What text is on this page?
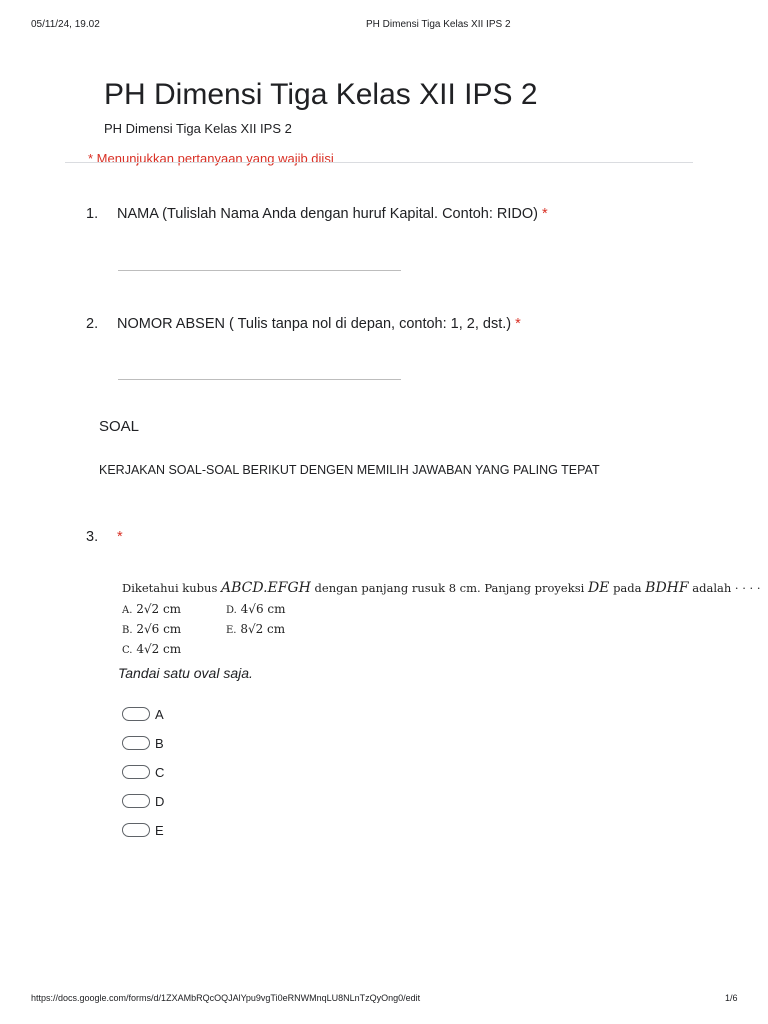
05/11/24, 19.02	PH Dimensi Tiga Kelas XII IPS 2
PH Dimensi Tiga Kelas XII IPS 2
PH Dimensi Tiga Kelas XII IPS 2
* Menunjukkan pertanyaan yang wajib diisi
1. NAMA (Tulislah Nama Anda dengan huruf Kapital. Contoh: RIDO) *
2. NOMOR ABSEN ( Tulis tanpa nol di depan, contoh: 1, 2, dst.) *
SOAL
KERJAKAN SOAL-SOAL BERIKUT DENGEN MEMILIH JAWABAN YANG PALING TEPAT
3. *
Diketahui kubus ABCD.EFGH dengan panjang rusuk 8 cm. Panjang proyeksi DE pada BDHF adalah · · · ·
A. 2√2 cm	D. 4√6 cm
B. 2√6 cm	E. 8√2 cm
C. 4√2 cm
Tandai satu oval saja.
A
B
C
D
E
https://docs.google.com/forms/d/1ZXAMbRQcOQJAlYpu9vgTi0eRNWMnqLU8NLnTzQyOng0/edit	1/6
